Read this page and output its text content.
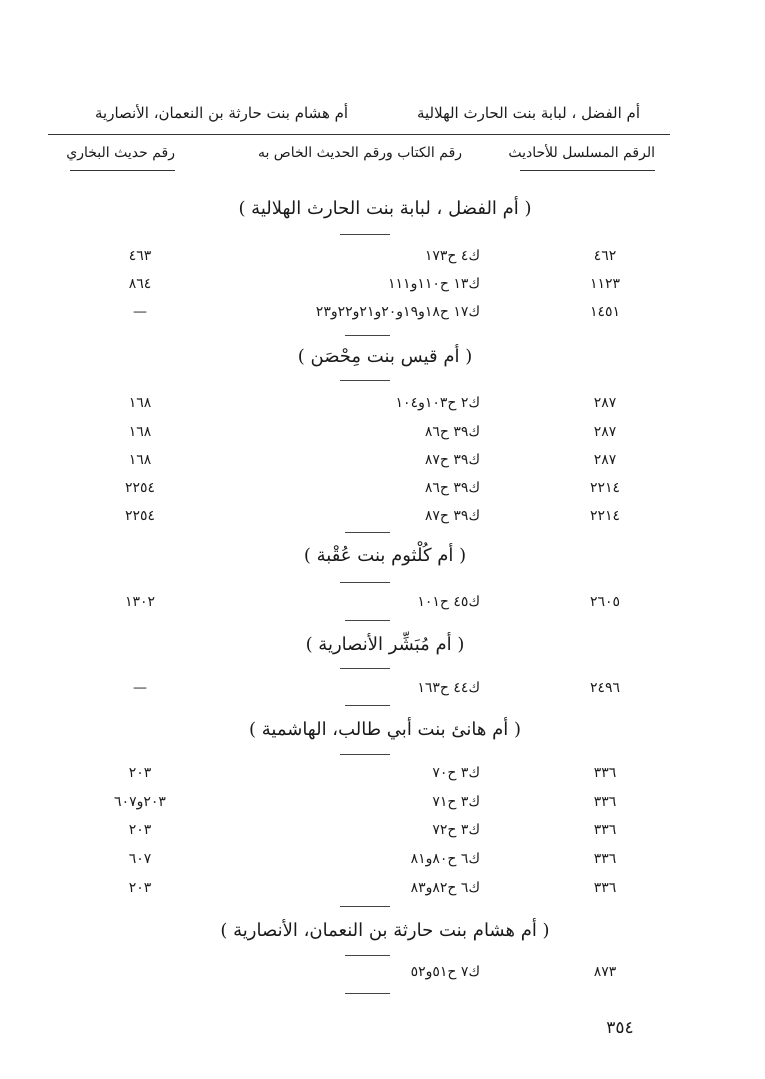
أم الفضل ، لبابة بنت الحارث الهلالية
أم هشام بنت حارثة بن النعمان، الأنصارية
الرقم المسلسل للأحاديث
رقم الكتاب ورقم الحديث الخاص به
رقم حديث البخاري
( أم الفضل ، لبابة بنت الحارث الهلالية )
٤٦٢
ك٤ ح١٧٣
٤٦٣
١١٢٣
ك١٣ ح١١٠و١١١
٨٦٤
١٤٥١
ك١٧ ح١٨و١٩و٢٠و٢١و٢٢و٢٣
—
( أم قيس بنت مِحْصَن )
٢٨٧
ك٢ ح١٠٣و١٠٤
١٦٨
٢٨٧
ك٣٩ ح٨٦
١٦٨
٢٨٧
ك٣٩ ح٨٧
١٦٨
٢٢١٤
ك٣٩ ح٨٦
٢٢٥٤
٢٢١٤
ك٣٩ ح٨٧
٢٢٥٤
( أم كُلْثوم بنت عُقْبة )
٢٦٠٥
ك٤٥ ح١٠١
١٣٠٢
( أم مُبَشِّر الأنصارية )
٢٤٩٦
ك٤٤ ح١٦٣
—
( أم هانئ بنت أبي طالب، الهاشمية )
٣٣٦
ك٣ ح٧٠
٢٠٣
٣٣٦
ك٣ ح٧١
٢٠٣و٦٠٧
٣٣٦
ك٣ ح٧٢
٢٠٣
٣٣٦
ك٦ ح٨٠و٨١
٦٠٧
٣٣٦
ك٦ ح٨٢و٨٣
٢٠٣
( أم هشام بنت حارثة بن النعمان، الأنصارية )
٨٧٣
ك٧ ح٥١و٥٢
٣٥٤
